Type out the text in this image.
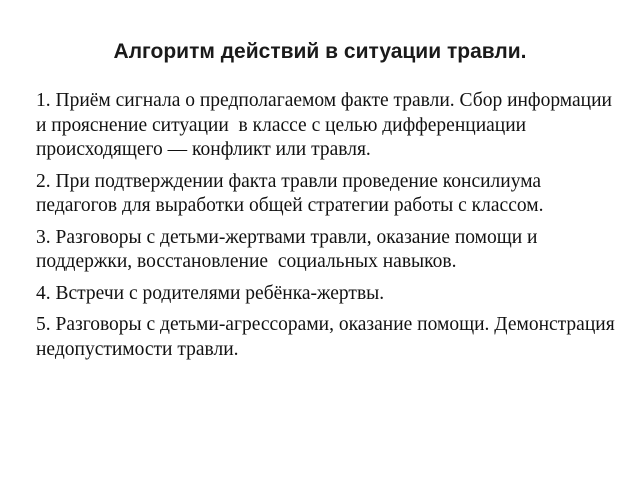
Алгоритм действий в ситуации травли.
1. Приём сигнала о предполагаемом факте травли. Сбор информации и прояснение ситуации  в классе с целью дифференциации происходящего — конфликт или травля.
2. При подтверждении факта травли проведение консилиума педагогов для выработки общей стратегии работы с классом.
3. Разговоры с детьми-жертвами травли, оказание помощи и поддержки, восстановление  социальных навыков.
4. Встречи с родителями ребёнка-жертвы.
5. Разговоры с детьми-агрессорами, оказание помощи. Демонстрация недопустимости травли.
